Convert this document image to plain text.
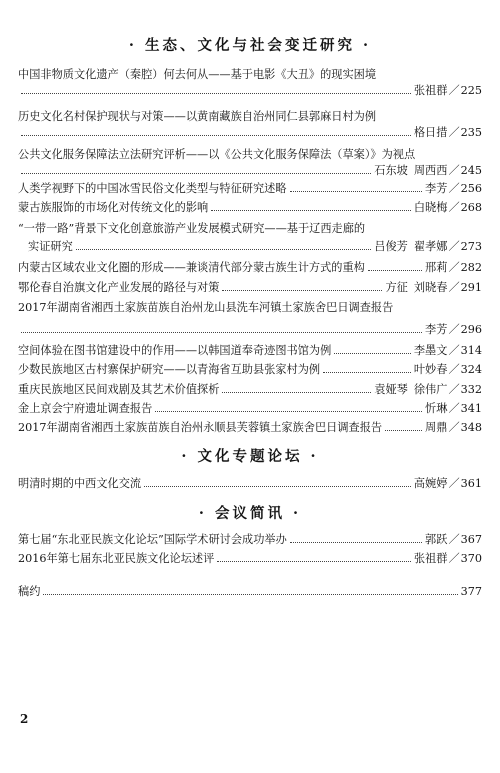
· 生态、文化与社会变迁研究 ·
中国非物质文化遗产（秦腔）何去何从——基于电影《大丑》的现实困境
张祖群 ／ 225
历史文化名村保护现状与对策——以黄南藏族自治州同仁县郭麻日村为例
格日措 ／ 235
公共文化服务保障法立法研究评析——以《公共文化服务保障法（草案）》为视点
石东坡 周西西 ／ 245
人类学视野下的中国冰雪民俗文化类型与特征研究述略	李芳 ／ 256
蒙古族服饰的市场化对传统文化的影响	白晓梅 ／ 268
“一带一路”背景下文化创意旅游产业发展模式研究——基于辽西走廊的
实证研究	吕俊芳 翟孝娜 ／ 273
内蒙古区域农业文化圈的形成——兼谈清代部分蒙古族生计方式的重构	邢莉 ／ 282
鄂伦春自治旗文化产业发展的路径与对策	方征 刘晓春 ／ 291
2017年湖南省湘西土家族苗族自治州龙山县洗车河镇土家族舍巴日调查报告
李芳 ／ 296
空间体验在图书馆建设中的作用——以韩国道奉奇迹图书馆为例	李墨文 ／ 314
少数民族地区古村寨保护研究——以青海省互助县张家村为例	叶妙春 ／ 324
重庆民族地区民间戏剧及其艺术价值探析	袁娅琴 徐伟广 ／ 332
金上京会宁府遗址调查报告	忻琳 ／ 341
2017年湖南省湘西土家族苗族自治州永顺县芙蓉镇土家族舍巴日调查报告	周鼎 ／ 348
· 文化专题论坛 ·
明清时期的中西文化交流	高婉婷 ／ 361
· 会议简讯 ·
第七届“东北亚民族文化论坛”国际学术研讨会成功举办	郭跃 ／ 367
2016年第七届东北亚民族文化论坛述评	张祖群 ／ 370
稿约	377
2
